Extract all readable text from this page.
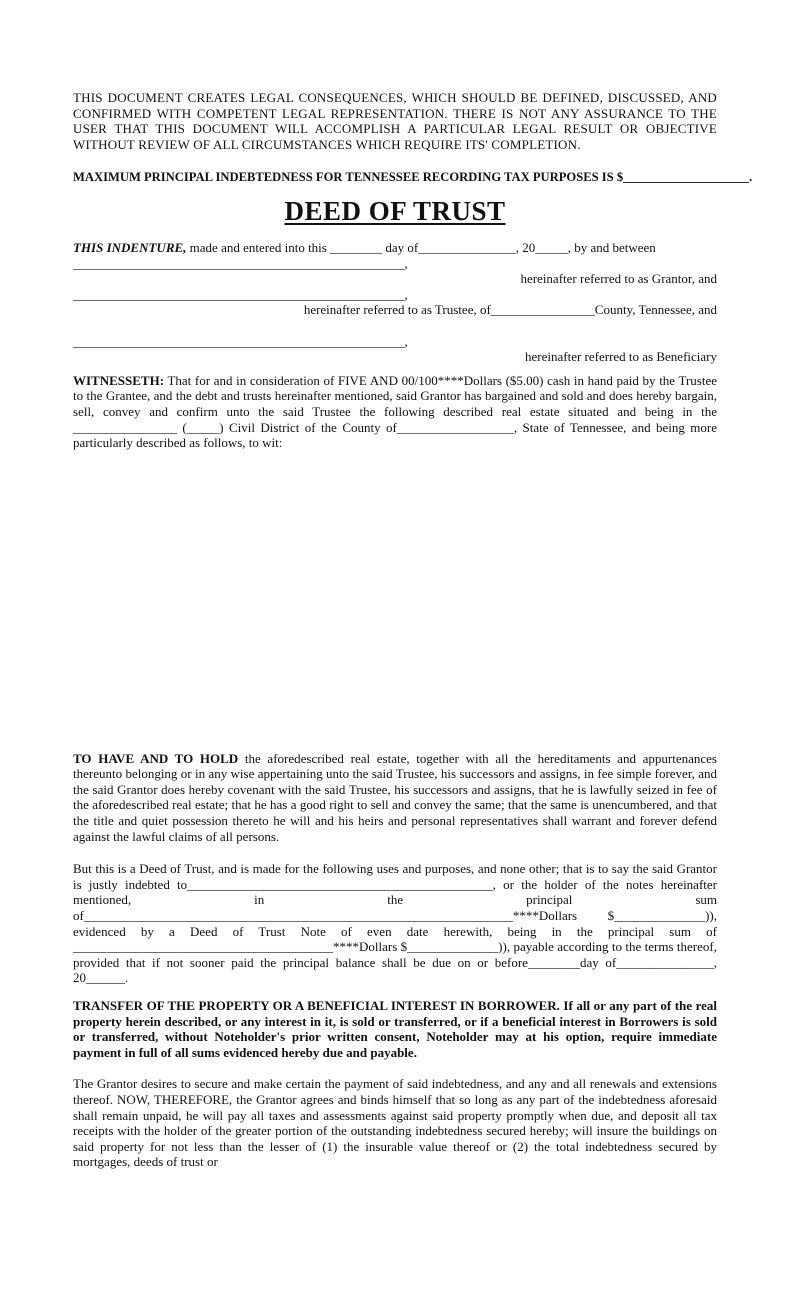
THIS DOCUMENT CREATES LEGAL CONSEQUENCES, WHICH SHOULD BE DEFINED, DISCUSSED, AND CONFIRMED WITH COMPETENT LEGAL REPRESENTATION. THERE IS NOT ANY ASSURANCE TO THE USER THAT THIS DOCUMENT WILL ACCOMPLISH A PARTICULAR LEGAL RESULT OR OBJECTIVE WITHOUT REVIEW OF ALL CIRCUMSTANCES WHICH REQUIRE ITS' COMPLETION.

MAXIMUM PRINCIPAL INDEBTEDNESS FOR TENNESSEE RECORDING TAX PURPOSES IS $____________________.

DEED OF TRUST

THIS INDENTURE, made and entered into this ________ day of_______________, 20_____, by and between

___________________________________________________,
hereinafter referred to as Grantor, and
___________________________________________________,
hereinafter referred to as Trustee, of________________County, Tennessee, and
___________________________________________________,
hereinafter referred to as Beneficiary

WITNESSETH: That for and in consideration of FIVE AND 00/100****Dollars ($5.00) cash in hand paid by the Trustee to the Grantee, and the debt and trusts hereinafter mentioned, said Grantor has bargained and sold and does hereby bargain, sell, convey and confirm unto the said Trustee the following described real estate situated and being in the ________________ (_____) Civil District of the County of__________________, State of Tennessee, and being more particularly described as follows, to wit:

TO HAVE AND TO HOLD the aforedescribed real estate, together with all the hereditaments and appurtenances thereunto belonging or in any wise appertaining unto the said Trustee, his successors and assigns, in fee simple forever, and the said Grantor does hereby covenant with the said Trustee, his successors and assigns, that he is lawfully seized in fee of the aforedescribed real estate; that he has a good right to sell and convey the same; that the same is unencumbered, and that the title and quiet possession thereto he will and his heirs and personal representatives shall warrant and forever defend against the lawful claims of all persons.

But this is a Deed of Trust, and is made for the following uses and purposes, and none other; that is to say the said Grantor is justly indebted to_______________________________________________, or the holder of the notes hereinafter mentioned, in the principal sum of__________________________________________________________________****Dollars $______________)), evidenced by a Deed of Trust Note of even date herewith, being in the principal sum of ________________________________________****Dollars $______________)), payable according to the terms thereof, provided that if not sooner paid the principal balance shall be due on or before________day of_______________, 20______.

TRANSFER OF THE PROPERTY OR A BENEFICIAL INTEREST IN BORROWER. If all or any part of the real property herein described, or any interest in it, is sold or transferred, or if a beneficial interest in Borrowers is sold or transferred, without Noteholder's prior written consent, Noteholder may at his option, require immediate payment in full of all sums evidenced hereby due and payable.

The Grantor desires to secure and make certain the payment of said indebtedness, and any and all renewals and extensions thereof. NOW, THEREFORE, the Grantor agrees and binds himself that so long as any part of the indebtedness aforesaid shall remain unpaid, he will pay all taxes and assessments against said property promptly when due, and deposit all tax receipts with the holder of the greater portion of the outstanding indebtedness secured hereby; will insure the buildings on said property for not less than the lesser of (1) the insurable value thereof or (2) the total indebtedness secured by mortgages, deeds of trust or
